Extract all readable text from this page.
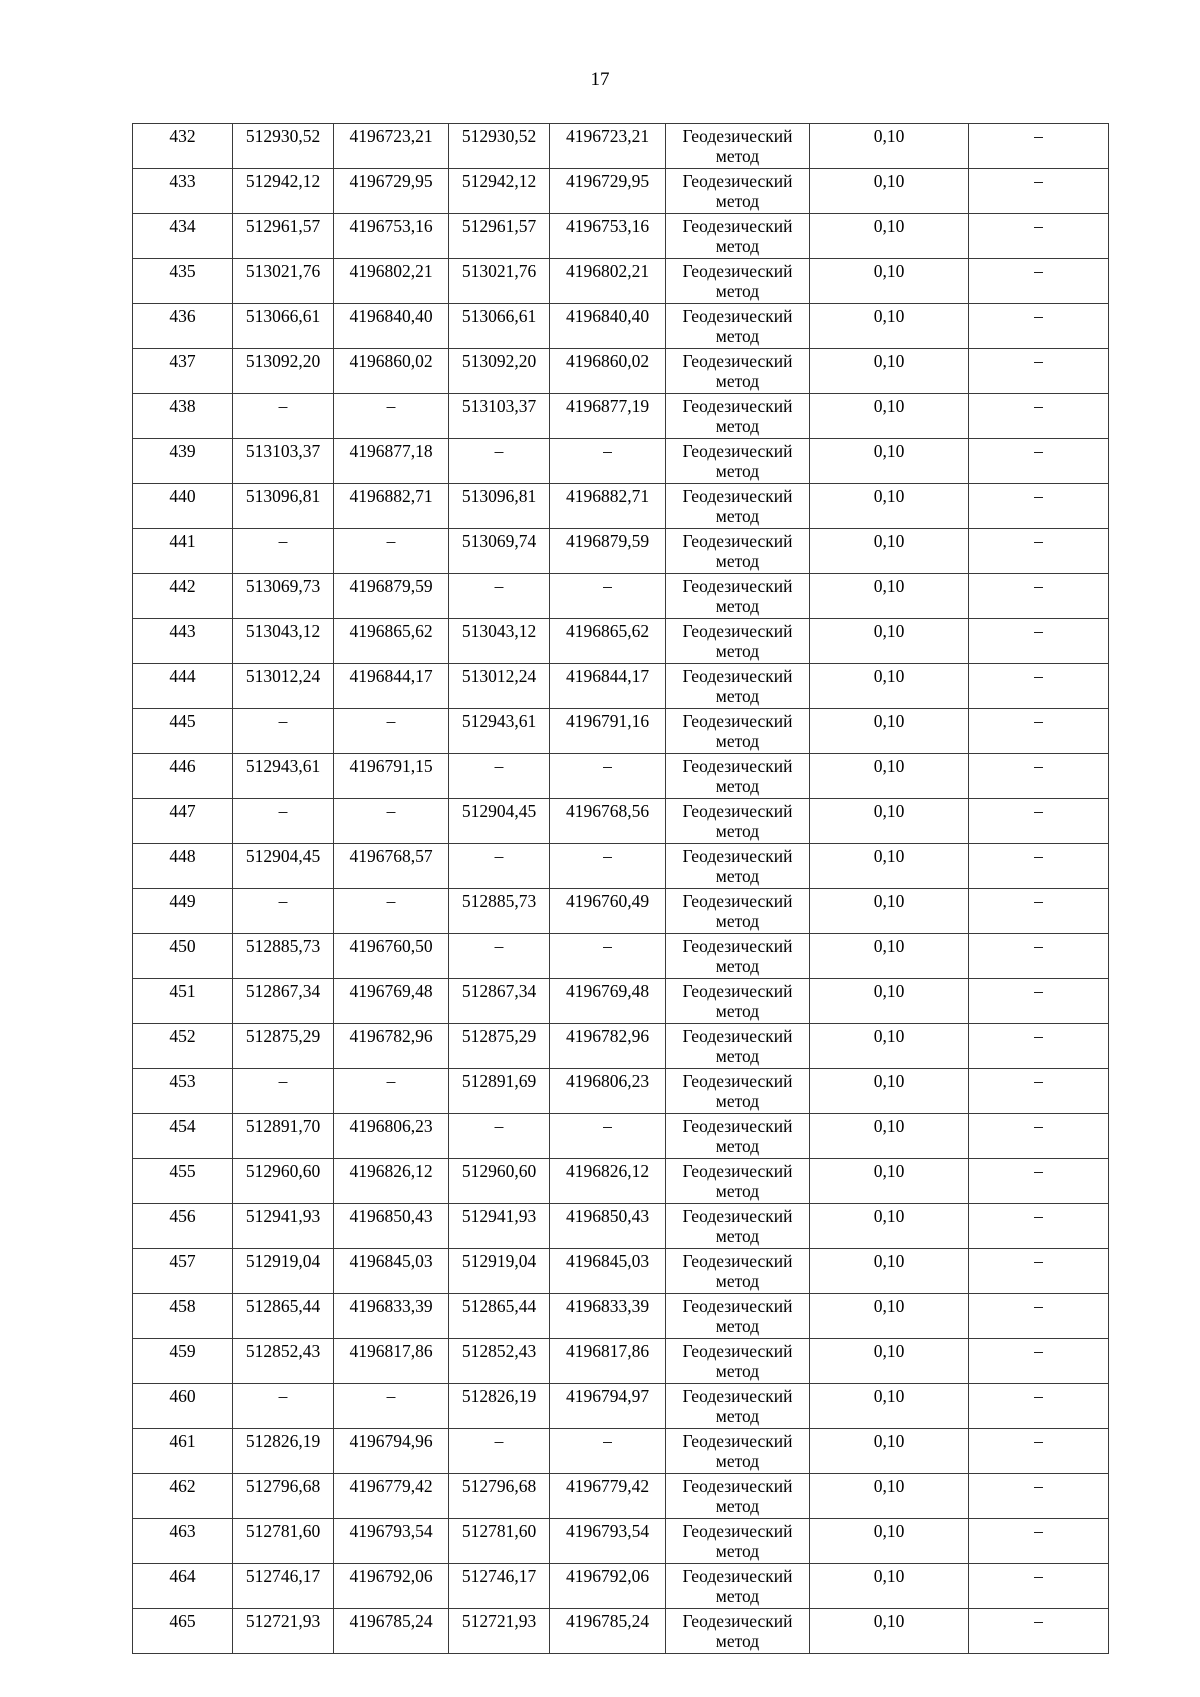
17
432	512930,52	4196723,21	512930,52	4196723,21	Геодезический метод	0,10	–
433	512942,12	4196729,95	512942,12	4196729,95	Геодезический метод	0,10	–
434	512961,57	4196753,16	512961,57	4196753,16	Геодезический метод	0,10	–
435	513021,76	4196802,21	513021,76	4196802,21	Геодезический метод	0,10	–
436	513066,61	4196840,40	513066,61	4196840,40	Геодезический метод	0,10	–
437	513092,20	4196860,02	513092,20	4196860,02	Геодезический метод	0,10	–
438	–	–	513103,37	4196877,19	Геодезический метод	0,10	–
439	513103,37	4196877,18	–	–	Геодезический метод	0,10	–
440	513096,81	4196882,71	513096,81	4196882,71	Геодезический метод	0,10	–
441	–	–	513069,74	4196879,59	Геодезический метод	0,10	–
442	513069,73	4196879,59	–	–	Геодезический метод	0,10	–
443	513043,12	4196865,62	513043,12	4196865,62	Геодезический метод	0,10	–
444	513012,24	4196844,17	513012,24	4196844,17	Геодезический метод	0,10	–
445	–	–	512943,61	4196791,16	Геодезический метод	0,10	–
446	512943,61	4196791,15	–	–	Геодезический метод	0,10	–
447	–	–	512904,45	4196768,56	Геодезический метод	0,10	–
448	512904,45	4196768,57	–	–	Геодезический метод	0,10	–
449	–	–	512885,73	4196760,49	Геодезический метод	0,10	–
450	512885,73	4196760,50	–	–	Геодезический метод	0,10	–
451	512867,34	4196769,48	512867,34	4196769,48	Геодезический метод	0,10	–
452	512875,29	4196782,96	512875,29	4196782,96	Геодезический метод	0,10	–
453	–	–	512891,69	4196806,23	Геодезический метод	0,10	–
454	512891,70	4196806,23	–	–	Геодезический метод	0,10	–
455	512960,60	4196826,12	512960,60	4196826,12	Геодезический метод	0,10	–
456	512941,93	4196850,43	512941,93	4196850,43	Геодезический метод	0,10	–
457	512919,04	4196845,03	512919,04	4196845,03	Геодезический метод	0,10	–
458	512865,44	4196833,39	512865,44	4196833,39	Геодезический метод	0,10	–
459	512852,43	4196817,86	512852,43	4196817,86	Геодезический метод	0,10	–
460	–	–	512826,19	4196794,97	Геодезический метод	0,10	–
461	512826,19	4196794,96	–	–	Геодезический метод	0,10	–
462	512796,68	4196779,42	512796,68	4196779,42	Геодезический метод	0,10	–
463	512781,60	4196793,54	512781,60	4196793,54	Геодезический метод	0,10	–
464	512746,17	4196792,06	512746,17	4196792,06	Геодезический метод	0,10	–
465	512721,93	4196785,24	512721,93	4196785,24	Геодезический метод	0,10	–
